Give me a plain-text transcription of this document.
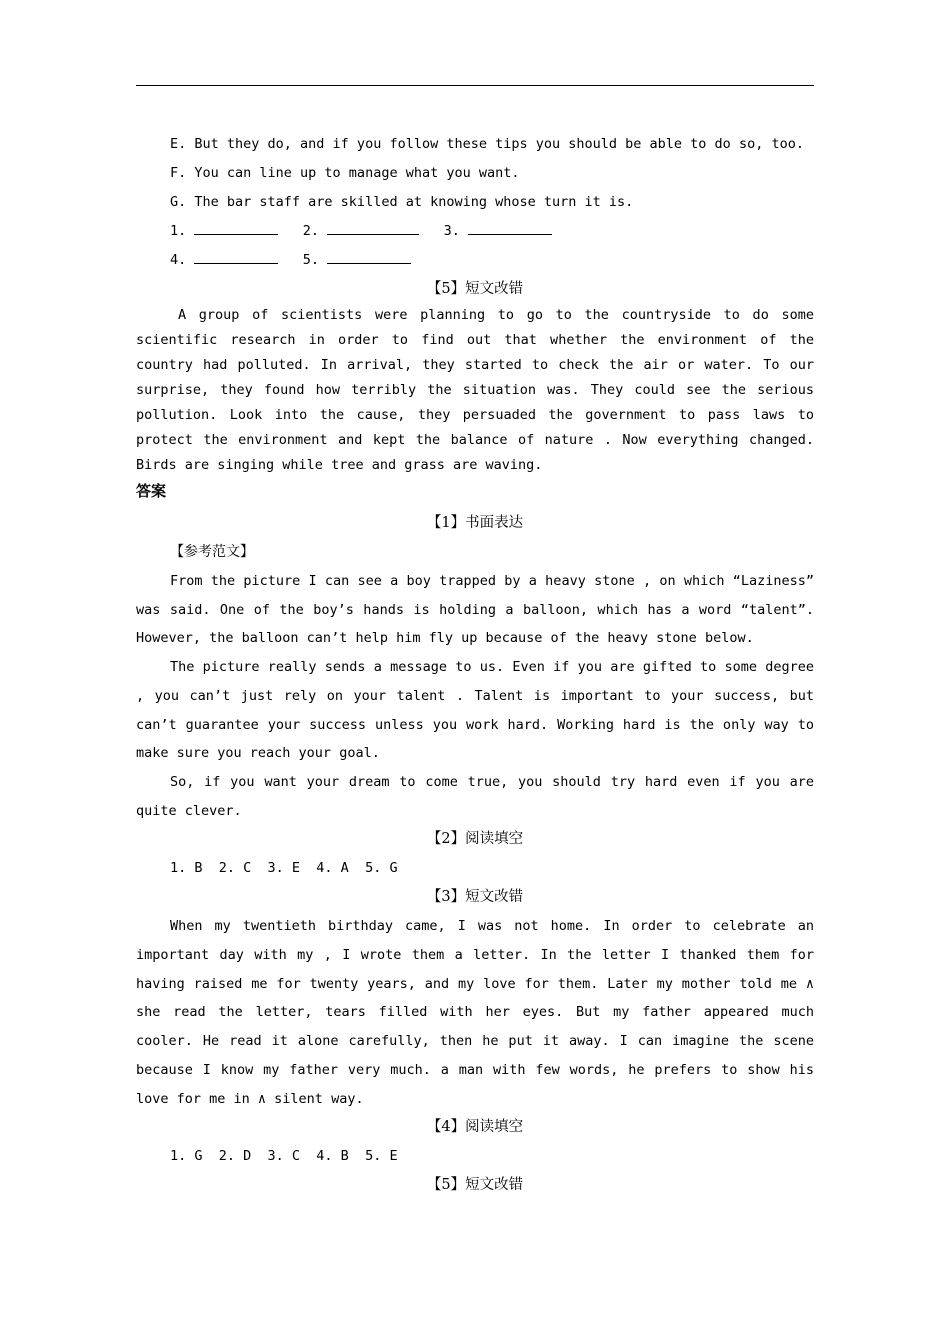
E. But they do, and if you follow these tips you should be able to do so, too.

F. You can line up to manage what you want.

G. The bar staff are skilled at knowing whose turn it is.

1.	2.	3.

4.	5.

【5】短文改错

A group of scientists were planning to go to the countryside to do some scientific research in order to find out that whether the environment of the country had polluted. In arrival, they started to check the air or water. To our surprise, they found how terribly the situation was. They could see the serious pollution. Look into the cause, they persuaded the government to pass laws to protect the environment and kept the balance of nature . Now everything changed. Birds are singing while tree and grass are waving.

答案

【1】书面表达

【参考范文】

From the picture I can see a boy trapped by a heavy stone , on which “Laziness” was said. One of the boy’s hands is holding a balloon, which has a word “talent”. However, the balloon can’t help him fly up because of the heavy stone below.

The picture really sends a message to us. Even if you are gifted to some degree , you can’t just rely on your talent . Talent is important to your success, but can’t guarantee your success unless you work hard. Working hard is the only way to make sure you reach your goal.

So, if you want your dream to come true, you should try hard even if you are quite clever.

【2】阅读填空

1. B  2. C  3. E  4. A  5. G

【3】短文改错

When my twentieth birthday came, I was not home. In order to celebrate an important day with my , I wrote them a letter. In the letter I thanked them for having raised me for twenty years, and my love for them. Later my mother told me ∧ she read the letter, tears filled with her eyes. But my father appeared much cooler. He read it alone carefully, then he put it away. I can imagine the scene because I know my father very much. a man with few words, he prefers to show his love for me in ∧ silent way.

【4】阅读填空

1. G  2. D  3. C  4. B  5. E

【5】短文改错
